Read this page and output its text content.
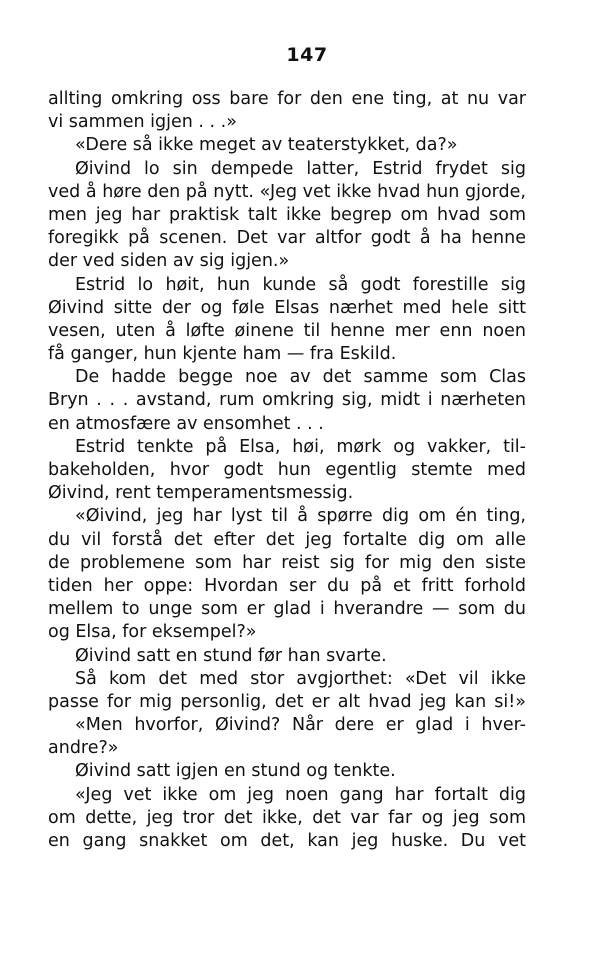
147
allting omkring oss bare for den ene ting, at nu var
vi sammen igjen . . .»
«Dere så ikke meget av teaterstykket, da?»
Øivind lo sin dempede latter, Estrid frydet sig
ved å høre den på nytt. «Jeg vet ikke hvad hun gjorde,
men jeg har praktisk talt ikke begrep om hvad som
foregikk på scenen. Det var altfor godt å ha henne
der ved siden av sig igjen.»
Estrid lo høit, hun kunde så godt forestille sig
Øivind sitte der og føle Elsas nærhet med hele sitt
vesen, uten å løfte øinene til henne mer enn noen
få ganger, hun kjente ham — fra Eskild.
De hadde begge noe av det samme som Clas
Bryn . . . avstand, rum omkring sig, midt i nærheten
en atmosfære av ensomhet . . .
Estrid tenkte på Elsa, høi, mørk og vakker, til-
bakeholden, hvor godt hun egentlig stemte med
Øivind, rent temperamentsmessig.
«Øivind, jeg har lyst til å spørre dig om én ting,
du vil forstå det efter det jeg fortalte dig om alle
de problemene som har reist sig for mig den siste
tiden her oppe: Hvordan ser du på et fritt forhold
mellem to unge som er glad i hverandre — som du
og Elsa, for eksempel?»
Øivind satt en stund før han svarte.
Så kom det med stor avgjorthet: «Det vil ikke
passe for mig personlig, det er alt hvad jeg kan si!»
«Men hvorfor, Øivind? Når dere er glad i hver-
andre?»
Øivind satt igjen en stund og tenkte.
«Jeg vet ikke om jeg noen gang har fortalt dig
om dette, jeg tror det ikke, det var far og jeg som
en gang snakket om det, kan jeg huske. Du vet
